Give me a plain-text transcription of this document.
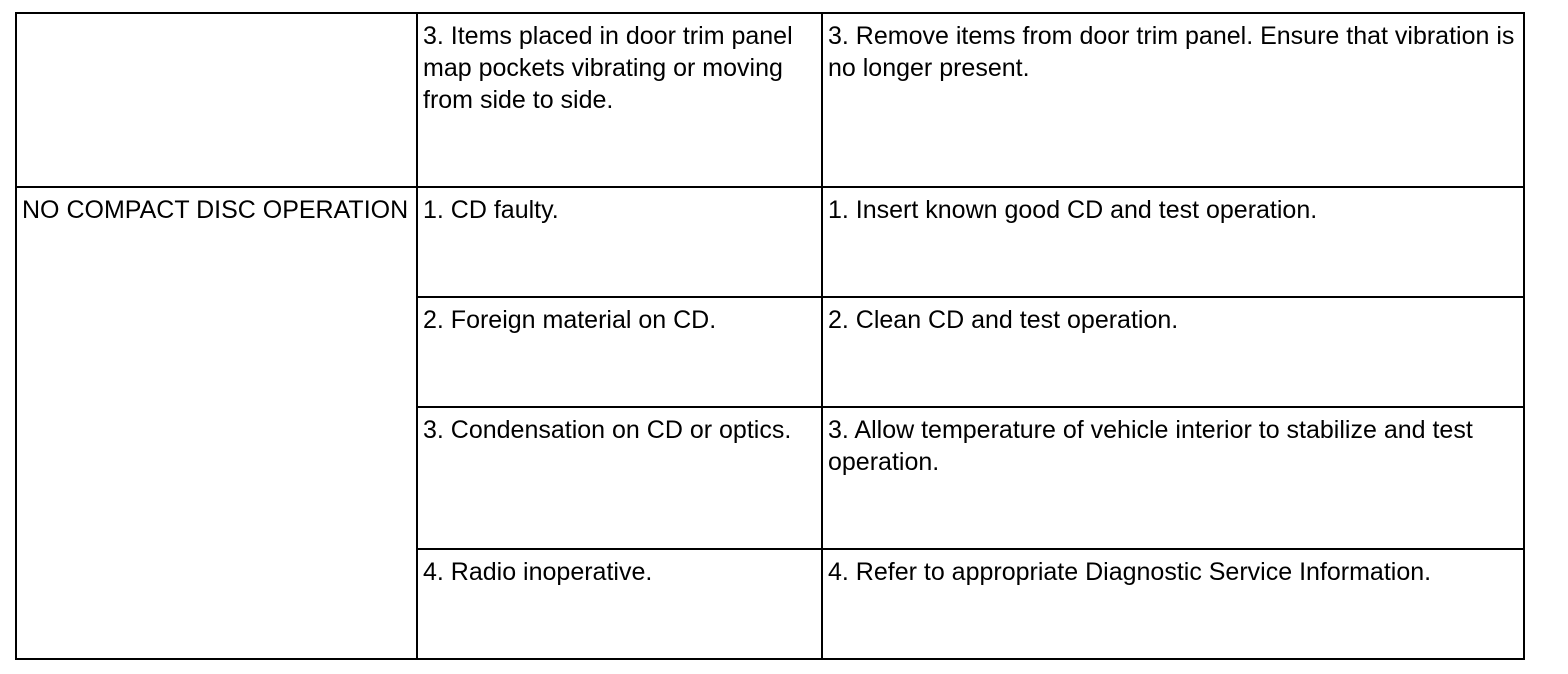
	3. Items placed in door trim panel map pockets vibrating or moving from side to side.	3. Remove items from door trim panel. Ensure that vibration is no longer present.
NO COMPACT DISC OPERATION	1. CD faulty.	1. Insert known good CD and test operation.
	2. Foreign material on CD.	2. Clean CD and test operation.
	3. Condensation on CD or optics.	3. Allow temperature of vehicle interior to stabilize and test operation.
	4. Radio inoperative.	4. Refer to appropriate Diagnostic Service Information.
